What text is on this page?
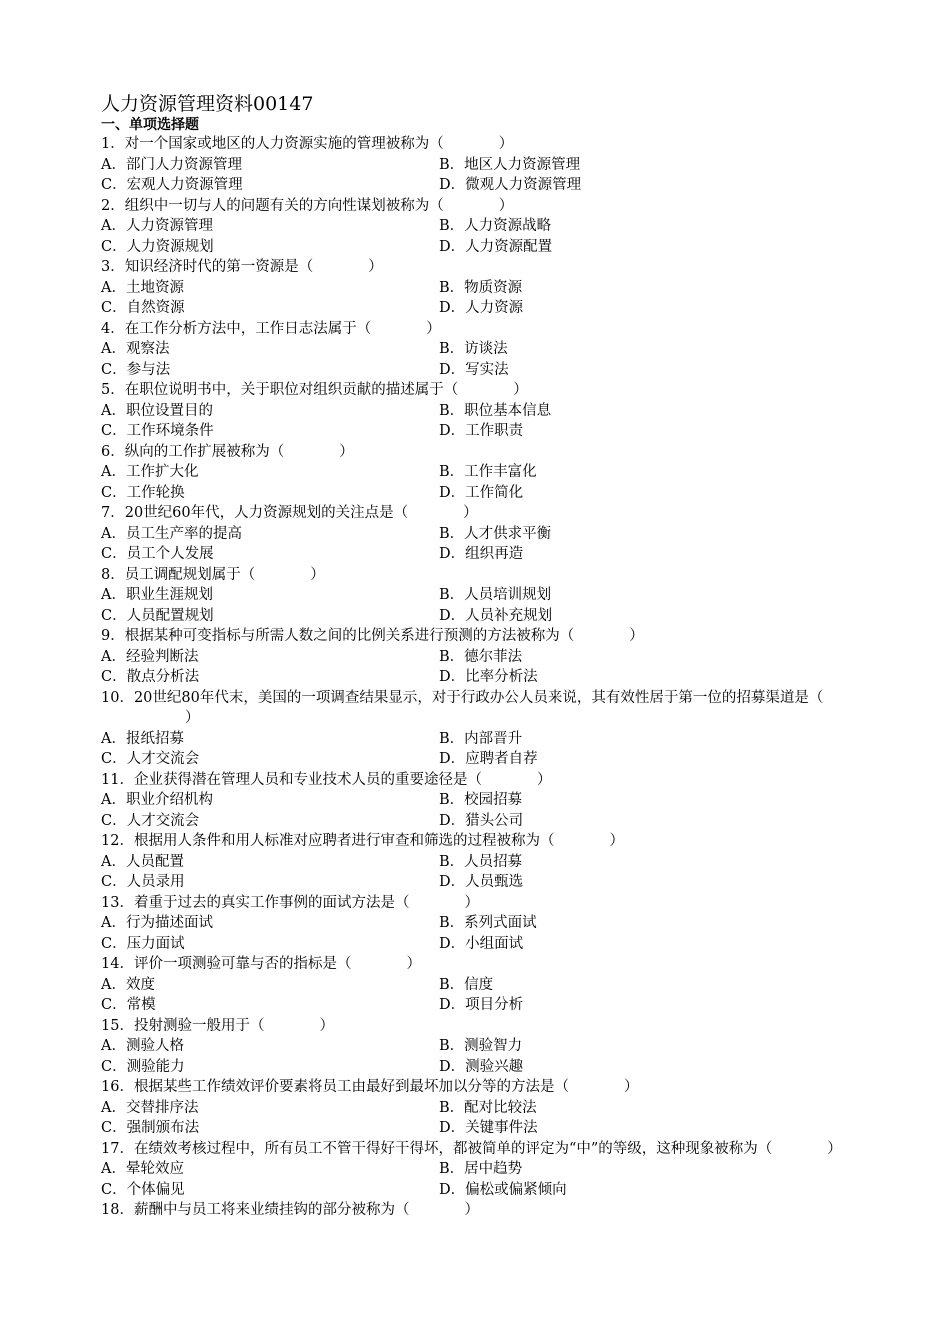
人力资源管理资料00147
一、单项选择题
1．对一个国家或地区的人力资源实施的管理被称为（	）
A．部门人力资源管理	B．地区人力资源管理
C．宏观人力资源管理	D．微观人力资源管理
2．组织中一切与人的问题有关的方向性谋划被称为（	）
A．人力资源管理	B．人力资源战略
C．人力资源规划	D．人力资源配置
3．知识经济时代的第一资源是（	）
A．土地资源	B．物质资源
C．自然资源	D．人力资源
4．在工作分析方法中，工作日志法属于（	）
A．观察法	B．访谈法
C．参与法	D．写实法
5．在职位说明书中，关于职位对组织贡献的描述属于（	）
A．职位设置目的	B．职位基本信息
C．工作环境条件	D．工作职责
6．纵向的工作扩展被称为（	）
A．工作扩大化	B．工作丰富化
C．工作轮换	D．工作简化
7．20世纪60年代，人力资源规划的关注点是（	）
A．员工生产率的提高	B．人才供求平衡
C．员工个人发展	D．组织再造
8．员工调配规划属于（	）
A．职业生涯规划	B．人员培训规划
C．人员配置规划	D．人员补充规划
9．根据某种可变指标与所需人数之间的比例关系进行预测的方法被称为（	）
A．经验判断法	B．德尔菲法
C．散点分析法	D．比率分析法
10．20世纪80年代末，美国的一项调查结果显示，对于行政办公人员来说，其有效性居于第一位的招募渠道是（）
A．报纸招募	B．内部晋升
C．人才交流会	D．应聘者自荐
11．企业获得潜在管理人员和专业技术人员的重要途径是（	）
A．职业介绍机构	B．校园招募
C．人才交流会	D．猎头公司
12．根据用人条件和用人标准对应聘者进行审查和筛选的过程被称为（	）
A．人员配置	B．人员招募
C．人员录用	D．人员甄选
13．着重于过去的真实工作事例的面试方法是（	）
A．行为描述面试	B．系列式面试
C．压力面试	D．小组面试
14．评价一项测验可靠与否的指标是（	）
A．效度	B．信度
C．常模	D．项目分析
15．投射测验一般用于（	）
A．测验人格	B．测验智力
C．测验能力	D．测验兴趣
16．根据某些工作绩效评价要素将员工由最好到最坏加以分等的方法是（	）
A．交替排序法	B．配对比较法
C．强制颁布法	D．关键事件法
17．在绩效考核过程中，所有员工不管干得好干得坏，都被简单的评定为“中”的等级，这种现象被称为（	）
A．晕轮效应	B．居中趋势
C．个体偏见	D．偏松或偏紧倾向
18．薪酬中与员工将来业绩挂钩的部分被称为（	）
